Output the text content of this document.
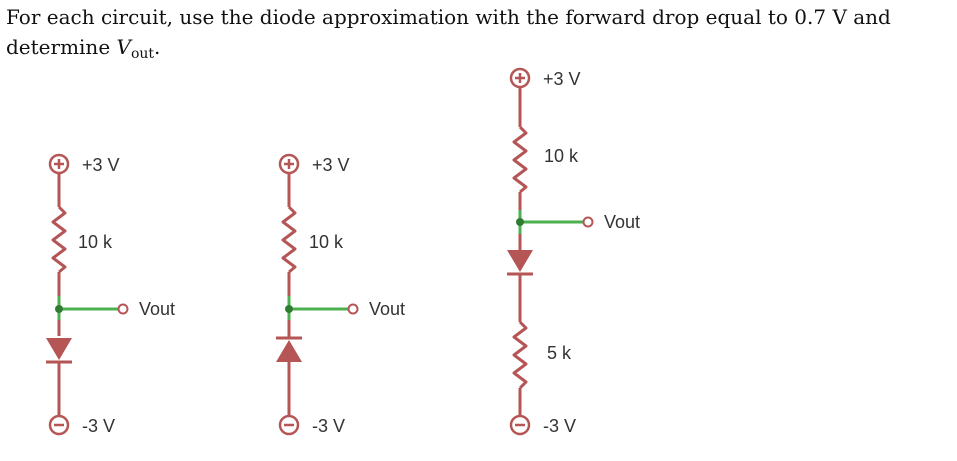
For each circuit, use the diode approximation with the forward drop equal to 0.7 V and
determine $V_{out}$.
+3 V
10 k
Vout
-3 V
+3 V
10 k
Vout
-3 V
+3 V
10 k
Vout
5 k
-3 V
